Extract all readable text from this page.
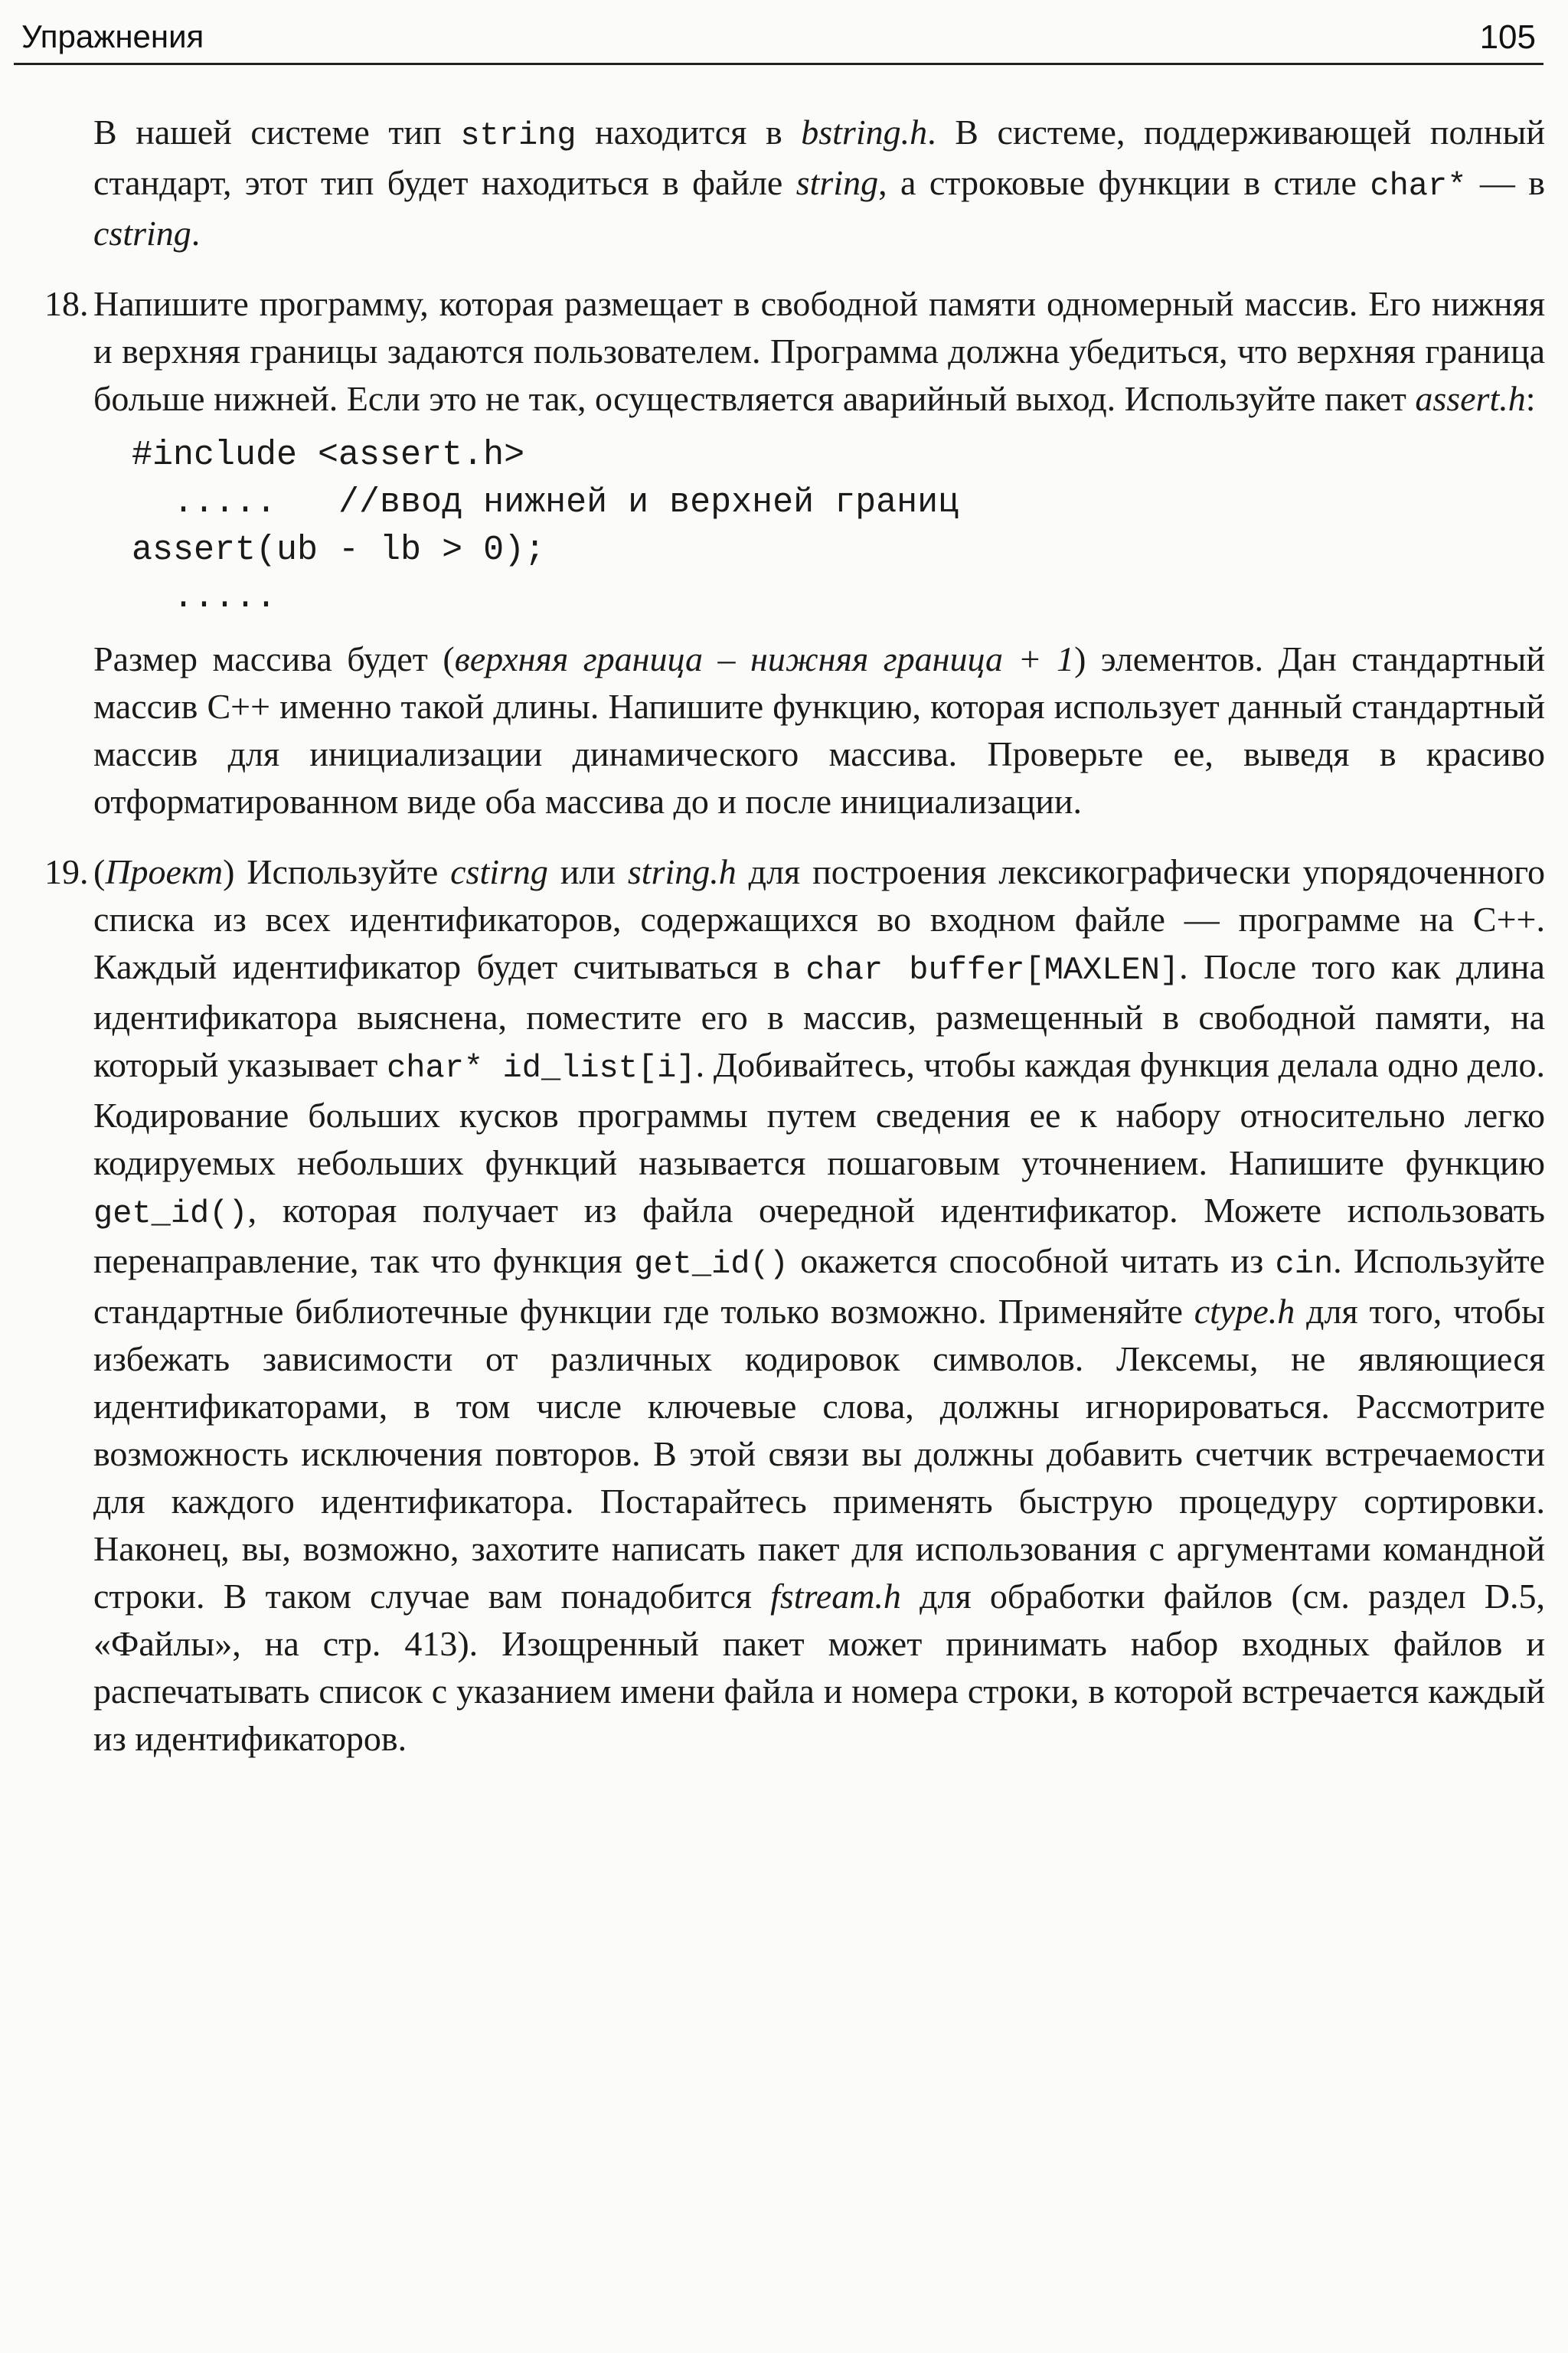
Упражнения	105

В нашей системе тип string находится в bstring.h. В системе, поддерживающей полный стандарт, этот тип будет находиться в файле string, а строковые функции в стиле char* — в cstring.

18. Напишите программу, которая размещает в свободной памяти одномерный массив. Его нижняя и верхняя границы задаются пользователем. Программа должна убедиться, что верхняя граница больше нижней. Если это не так, осуществляется аварийный выход. Используйте пакет assert.h:

#include <assert.h>
.....   //ввод нижней и верхней границ
assert(ub - lb > 0);
.....

Размер массива будет (верхняя граница – нижняя граница + 1) элементов. Дан стандартный массив С++ именно такой длины. Напишите функцию, которая использует данный стандартный массив для инициализации динамического массива. Проверьте ее, выведя в красиво отформатированном виде оба массива до и после инициализации.

19. (Проект) Используйте cstirng или string.h для построения лексикографически упорядоченного списка из всех идентификаторов, содержащихся во входном файле — программе на С++. Каждый идентификатор будет считываться в char buffer[MAXLEN]. После того как длина идентификатора выяснена, поместите его в массив, размещенный в свободной памяти, на который указывает char* id_list[i]. Добивайтесь, чтобы каждая функция делала одно дело. Кодирование больших кусков программы путем сведения ее к набору относительно легко кодируемых небольших функций называется пошаговым уточнением. Напишите функцию get_id(), которая получает из файла очередной идентификатор. Можете использовать перенаправление, так что функция get_id() окажется способной читать из cin. Используйте стандартные библиотечные функции где только возможно. Применяйте ctype.h для того, чтобы избежать зависимости от различных кодировок символов. Лексемы, не являющиеся идентификаторами, в том числе ключевые слова, должны игнорироваться. Рассмотрите возможность исключения повторов. В этой связи вы должны добавить счетчик встречаемости для каждого идентификатора. Постарайтесь применять быструю процедуру сортировки. Наконец, вы, возможно, захотите написать пакет для использования с аргументами командной строки. В таком случае вам понадобится fstream.h для обработки файлов (см. раздел D.5, «Файлы», на стр. 413). Изощренный пакет может принимать набор входных файлов и распечатывать список с указанием имени файла и номера строки, в которой встречается каждый из идентификаторов.
